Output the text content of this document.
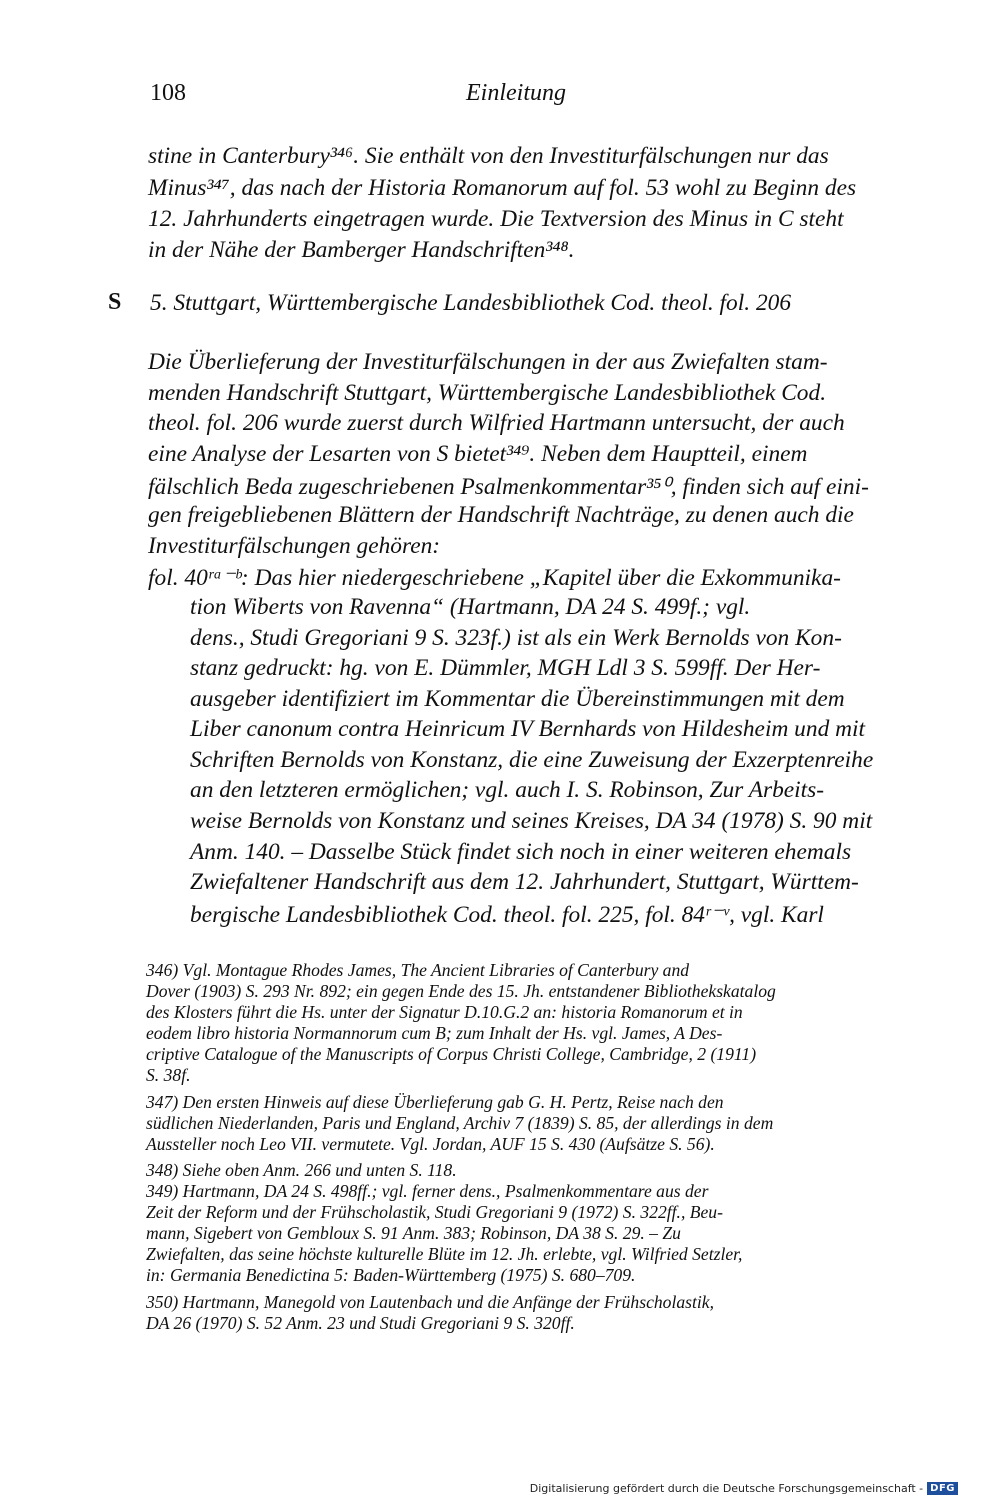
108	Einleitung
S
stine in Canterbury³⁴⁶. Sie enthält von den Investiturfälschungen nur das
Minus³⁴⁷, das nach der Historia Romanorum auf fol. 53 wohl zu Beginn des
12. Jahrhunderts eingetragen wurde. Die Textversion des Minus in C steht
in der Nähe der Bamberger Handschriften³⁴⁸.
5. Stuttgart, Württembergische Landesbibliothek Cod. theol. fol. 206
Die Überlieferung der Investiturfälschungen in der aus Zwiefalten stam-
menden Handschrift Stuttgart, Württembergische Landesbibliothek Cod.
theol. fol. 206 wurde zuerst durch Wilfried Hartmann untersucht, der auch
eine Analyse der Lesarten von S bietet³⁴⁹. Neben dem Hauptteil, einem
fälschlich Beda zugeschriebenen Psalmenkommentar³⁵⁰, finden sich auf eini-
gen freigebliebenen Blättern der Handschrift Nachträge, zu denen auch die
Investiturfälschungen gehören:
fol. 40ʳᵃ⁻ᵇ: Das hier niedergeschriebene „Kapitel über die Exkommunika-
tion Wiberts von Ravenna“ (Hartmann, DA 24 S. 499f.; vgl.
dens., Studi Gregoriani 9 S. 323f.) ist als ein Werk Bernolds von Kon-
stanz gedruckt: hg. von E. Dümmler, MGH Ldl 3 S. 599ff. Der Her-
ausgeber identifiziert im Kommentar die Übereinstimmungen mit dem
Liber canonum contra Heinricum IV Bernhards von Hildesheim und mit
Schriften Bernolds von Konstanz, die eine Zuweisung der Exzerptenreihe
an den letzteren ermöglichen; vgl. auch I. S. Robinson, Zur Arbeits-
weise Bernolds von Konstanz und seines Kreises, DA 34 (1978) S. 90 mit
Anm. 140. – Dasselbe Stück findet sich noch in einer weiteren ehemals
Zwiefaltener Handschrift aus dem 12. Jahrhundert, Stuttgart, Württem-
bergische Landesbibliothek Cod. theol. fol. 225, fol. 84ʳ⁻ᵛ, vgl. Karl
346) Vgl. Montague Rhodes James, The Ancient Libraries of Canterbury and
Dover (1903) S. 293 Nr. 892; ein gegen Ende des 15. Jh. entstandener Bibliothekskatalog
des Klosters führt die Hs. unter der Signatur D.10.G.2 an: historia Romanorum et in
eodem libro historia Normannorum cum B; zum Inhalt der Hs. vgl. James, A Des-
criptive Catalogue of the Manuscripts of Corpus Christi College, Cambridge, 2 (1911)
S. 38f.
347) Den ersten Hinweis auf diese Überlieferung gab G. H. Pertz, Reise nach den
südlichen Niederlanden, Paris und England, Archiv 7 (1839) S. 85, der allerdings in dem
Aussteller noch Leo VII. vermutete. Vgl. Jordan, AUF 15 S. 430 (Aufsätze S. 56).
348) Siehe oben Anm. 266 und unten S. 118.
349) Hartmann, DA 24 S. 498ff.; vgl. ferner dens., Psalmenkommentare aus der
Zeit der Reform und der Frühscholastik, Studi Gregoriani 9 (1972) S. 322ff., Beu-
mann, Sigebert von Gembloux S. 91 Anm. 383; Robinson, DA 38 S. 29. – Zu
Zwiefalten, das seine höchste kulturelle Blüte im 12. Jh. erlebte, vgl. Wilfried Setzler,
in: Germania Benedictina 5: Baden-Württemberg (1975) S. 680–709.
350) Hartmann, Manegold von Lautenbach und die Anfänge der Frühscholastik,
DA 26 (1970) S. 52 Anm. 23 und Studi Gregoriani 9 S. 320ff.
Digitalisierung gefördert durch die Deutsche Forschungsgemeinschaft - DFG
